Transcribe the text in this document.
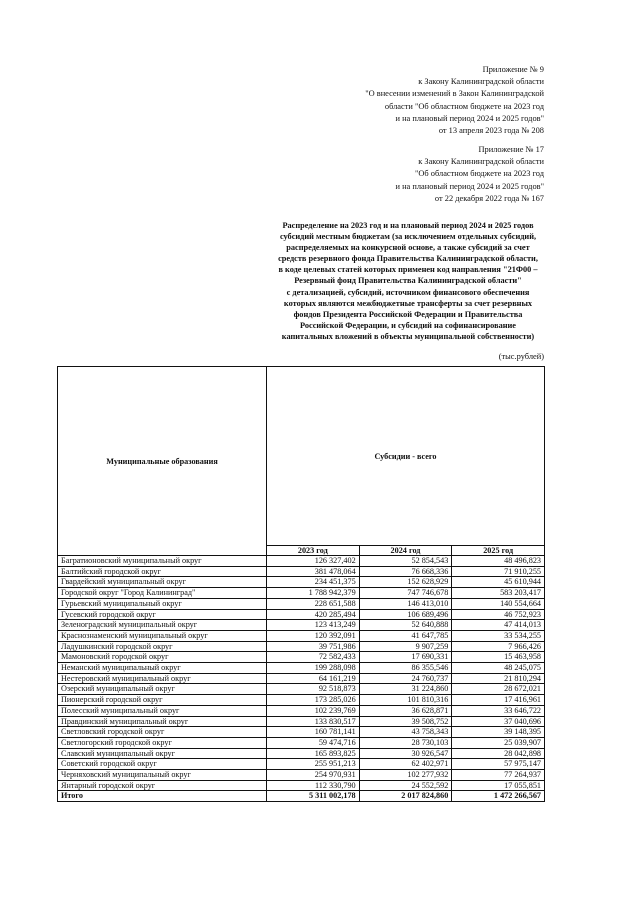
Приложение № 9
к Закону Калининградской области
"О внесении изменений в Закон Калининградской
области "Об областном бюджете на 2023 год
и на плановый период 2024 и 2025 годов"
от 13 апреля 2023 года № 208
Приложение № 17
к Закону Калининградской области
"Об областном бюджете на 2023 год
и на плановый период 2024 и 2025 годов"
от 22 декабря 2022 года № 167
Распределение на 2023 год и на плановый период 2024 и 2025 годов
субсидий местным бюджетам (за исключением отдельных субсидий,
распределяемых на конкурсной основе, а также субсидий за счет
средств резервного фонда Правительства Калининградской области,
в коде целевых статей которых применен код направления "21Ф00 –
Резервный фонд Правительства Калининградской области"
с детализацией, субсидий, источником финансового обеспечения
которых являются межбюджетные трансферты за счет резервных
фондов Президента Российской Федерации и Правительства
Российской Федерации, и субсидий на софинансирование
капитальных вложений в объекты муниципальной собственности)
(тыс.рублей)
Муниципальные образования	Субсидии - всего		
	2023 год	2024 год	2025 год
Багратионовский муниципальный округ	126 327,402	52 854,543	48 496,823
Балтийский городской округ	381 478,064	76 668,336	71 910,255
Гвардейский муниципальный округ	234 451,375	152 628,929	45 610,944
Городской округ "Город Калининград"	1 788 942,379	747 746,678	583 203,417
Гурьевский муниципальный округ	228 651,588	146 413,010	140 554,664
Гусевский городской округ	420 285,494	106 689,496	46 752,923
Зеленоградский муниципальный округ	123 413,249	52 640,888	47 414,013
Краснознаменский муниципальный округ	120 392,091	41 647,785	33 534,255
Ладушкинский городской округ	39 751,986	9 907,259	7 966,426
Мамоновский городской округ	72 582,433	17 690,331	15 463,958
Неманский муниципальный округ	199 288,098	86 355,546	48 245,075
Нестеровский муниципальный округ	64 161,219	24 760,737	21 810,294
Озерский муниципальный округ	92 518,873	31 224,860	28 672,021
Пионерский городской округ	173 285,026	101 810,316	17 416,961
Полесский муниципальный округ	102 239,769	36 628,871	33 646,722
Правдинский муниципальный округ	133 830,517	39 508,752	37 040,696
Светловский городской округ	160 781,141	43 758,343	39 148,395
Светлогорский городской округ	59 474,716	28 730,103	25 039,907
Славский муниципальный округ	165 893,825	30 926,547	28 042,898
Советский городской округ	255 951,213	62 402,971	57 975,147
Черняховский муниципальный округ	254 970,931	102 277,932	77 264,937
Янтарный городской округ	112 330,790	24 552,592	17 055,851
Итого	5 311 002,178	2 017 824,860	1 472 266,567
